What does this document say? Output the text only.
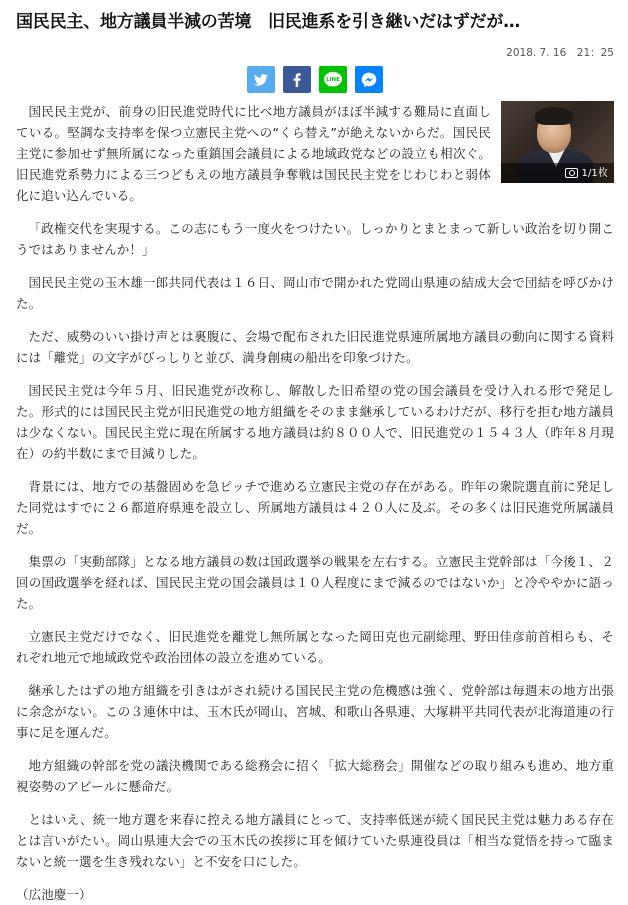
国民民主、地方議員半減の苦境　旧民進系を引き継いだはずだが…
2018. 7. 16　21：25
LINE
1/1枚

国民民主党が、前身の旧民進党時代に比べ地方議員がほぼ半減する難局に直面している。堅調な支持率を保つ立憲民主党への“くら替え”が絶えないからだ。国民民主党に参加せず無所属になった重鎮国会議員による地域政党などの設立も相次ぐ。旧民進党系勢力による三つどもえの地方議員争奪戦は国民民主党をじわじわと弱体化に追い込んでいる。

「政権交代を実現する。この志にもう一度火をつけたい。しっかりとまとまって新しい政治を切り開こうではありませんか！」

国民民主党の玉木雄一郎共同代表は１６日、岡山市で開かれた党岡山県連の結成大会で団結を呼びかけた。

ただ、威勢のいい掛け声とは裏腹に、会場で配布された旧民進党県連所属地方議員の動向に関する資料には「離党」の文字がびっしりと並び、満身創痍の船出を印象づけた。

国民民主党は今年５月、旧民進党が改称し、解散した旧希望の党の国会議員を受け入れる形で発足した。形式的には国民民主党が旧民進党の地方組織をそのまま継承しているわけだが、移行を拒む地方議員は少なくない。国民民主党に現在所属する地方議員は約８００人で、旧民進党の１５４３人（昨年８月現在）の約半数にまで目減りした。

背景には、地方での基盤固めを急ピッチで進める立憲民主党の存在がある。昨年の衆院選直前に発足した同党はすでに２６都道府県連を設立し、所属地方議員は４２０人に及ぶ。その多くは旧民進党所属議員だ。

集票の「実動部隊」となる地方議員の数は国政選挙の戦果を左右する。立憲民主党幹部は「今後１、２回の国政選挙を経れば、国民民主党の国会議員は１０人程度にまで減るのではないか」と冷ややかに語った。

立憲民主党だけでなく、旧民進党を離党し無所属となった岡田克也元副総理、野田佳彦前首相らも、それぞれ地元で地域政党や政治団体の設立を進めている。

継承したはずの地方組織を引きはがされ続ける国民民主党の危機感は強く、党幹部は毎週末の地方出張に余念がない。この３連休中は、玉木氏が岡山、宮城、和歌山各県連、大塚耕平共同代表が北海道連の行事に足を運んだ。

地方組織の幹部を党の議決機関である総務会に招く「拡大総務会」開催などの取り組みも進め、地方重視姿勢のアピールに懸命だ。

とはいえ、統一地方選を来春に控える地方議員にとって、支持率低迷が続く国民民主党は魅力ある存在とは言いがたい。岡山県連大会での玉木氏の挨拶に耳を傾けていた県連役員は「相当な覚悟を持って臨まないと統一選を生き残れない」と不安を口にした。

（広池慶一）
